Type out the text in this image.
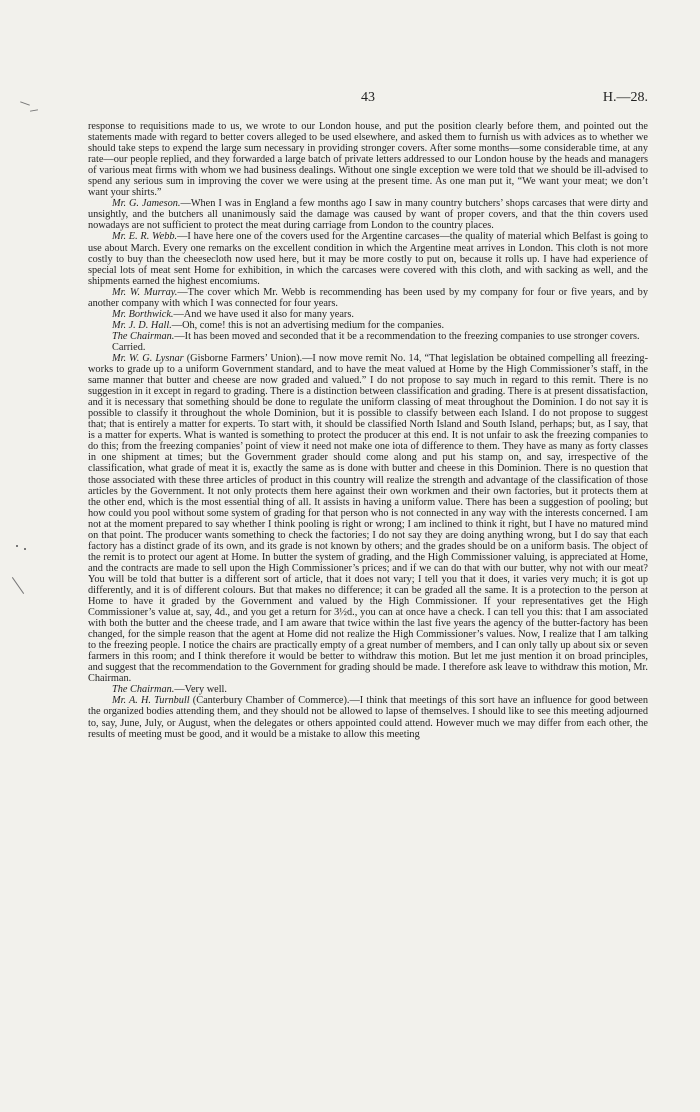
43	H.—28.

response to requisitions made to us, we wrote to our London house, and put the position clearly before them, and pointed out the statements made with regard to better covers alleged to be used elsewhere, and asked them to furnish us with advices as to whether we should take steps to expend the large sum necessary in providing stronger covers. After some months—some considerable time, at any rate—our people replied, and they forwarded a large batch of private letters addressed to our London house by the heads and managers of various meat firms with whom we had business dealings. Without one single exception we were told that we should be ill-advised to spend any serious sum in improving the cover we were using at the present time. As one man put it, “We want your meat; we don’t want your shirts.”

Mr. G. Jameson.—When I was in England a few months ago I saw in many country butchers’ shops carcases that were dirty and unsightly, and the butchers all unanimously said the damage was caused by want of proper covers, and that the thin covers used nowadays are not sufficient to protect the meat during carriage from London to the country places.

Mr. E. R. Webb.—I have here one of the covers used for the Argentine carcases—the quality of material which Belfast is going to use about March. Every one remarks on the excellent condition in which the Argentine meat arrives in London. This cloth is not more costly to buy than the cheesecloth now used here, but it may be more costly to put on, because it rolls up. I have had experience of special lots of meat sent Home for exhibition, in which the carcases were covered with this cloth, and with sacking as well, and the shipments earned the highest encomiums.

Mr. W. Murray.—The cover which Mr. Webb is recommending has been used by my company for four or five years, and by another company with which I was connected for four years.

Mr. Borthwick.—And we have used it also for many years.

Mr. J. D. Hall.—Oh, come! this is not an advertising medium for the companies.

The Chairman.—It has been moved and seconded that it be a recommendation to the freezing companies to use stronger covers.

Carried.

Mr. W. G. Lysnar (Gisborne Farmers’ Union).—I now move remit No. 14, “That legislation be obtained compelling all freezing-works to grade up to a uniform Government standard, and to have the meat valued at Home by the High Commissioner’s staff, in the same manner that butter and cheese are now graded and valued.” I do not propose to say much in regard to this remit. There is no suggestion in it except in regard to grading. There is a distinction between classification and grading. There is at present dissatisfaction, and it is necessary that something should be done to regulate the uniform classing of meat throughout the Dominion. I do not say it is possible to classify it throughout the whole Dominion, but it is possible to classify between each Island. I do not propose to suggest that; that is entirely a matter for experts. To start with, it should be classified North Island and South Island, perhaps; but, as I say, that is a matter for experts. What is wanted is something to protect the producer at this end. It is not unfair to ask the freezing companies to do this; from the freezing companies’ point of view it need not make one iota of difference to them. They have as many as forty classes in one shipment at times; but the Government grader should come along and put his stamp on, and say, irrespective of the classification, what grade of meat it is, exactly the same as is done with butter and cheese in this Dominion. There is no question that those associated with these three articles of product in this country will realize the strength and advantage of the classification of those articles by the Government. It not only protects them here against their own workmen and their own factories, but it protects them at the other end, which is the most essential thing of all. It assists in having a uniform value. There has been a suggestion of pooling; but how could you pool without some system of grading for that person who is not connected in any way with the interests concerned. I am not at the moment prepared to say whether I think pooling is right or wrong; I am inclined to think it right, but I have no matured mind on that point. The producer wants something to check the factories; I do not say they are doing anything wrong, but I do say that each factory has a distinct grade of its own, and its grade is not known by others; and the grades should be on a uniform basis. The object of the remit is to protect our agent at Home. In butter the system of grading, and the High Commissioner valuing, is appreciated at Home, and the contracts are made to sell upon the High Commissioner’s prices; and if we can do that with our butter, why not with our meat? You will be told that butter is a different sort of article, that it does not vary; I tell you that it does, it varies very much; it is got up differently, and it is of different colours. But that makes no difference; it can be graded all the same. It is a protection to the person at Home to have it graded by the Government and valued by the High Commissioner. If your representatives get the High Commissioner’s value at, say, 4d., and you get a return for 3½d., you can at once have a check. I can tell you this: that I am associated with both the butter and the cheese trade, and I am aware that twice within the last five years the agency of the butter-factory has been changed, for the simple reason that the agent at Home did not realize the High Commissioner’s values. Now, I realize that I am talking to the freezing people. I notice the chairs are practically empty of a great number of members, and I can only tally up about six or seven farmers in this room; and I think therefore it would be better to withdraw this motion. But let me just mention it on broad principles, and suggest that the recommendation to the Government for grading should be made. I therefore ask leave to withdraw this motion, Mr. Chairman.

The Chairman.—Very well.

Mr. A. H. Turnbull (Canterbury Chamber of Commerce).—I think that meetings of this sort have an influence for good between the organized bodies attending them, and they should not be allowed to lapse of themselves. I should like to see this meeting adjourned to, say, June, July, or August, when the delegates or others appointed could attend. However much we may differ from each other, the results of meeting must be good, and it would be a mistake to allow this meeting
